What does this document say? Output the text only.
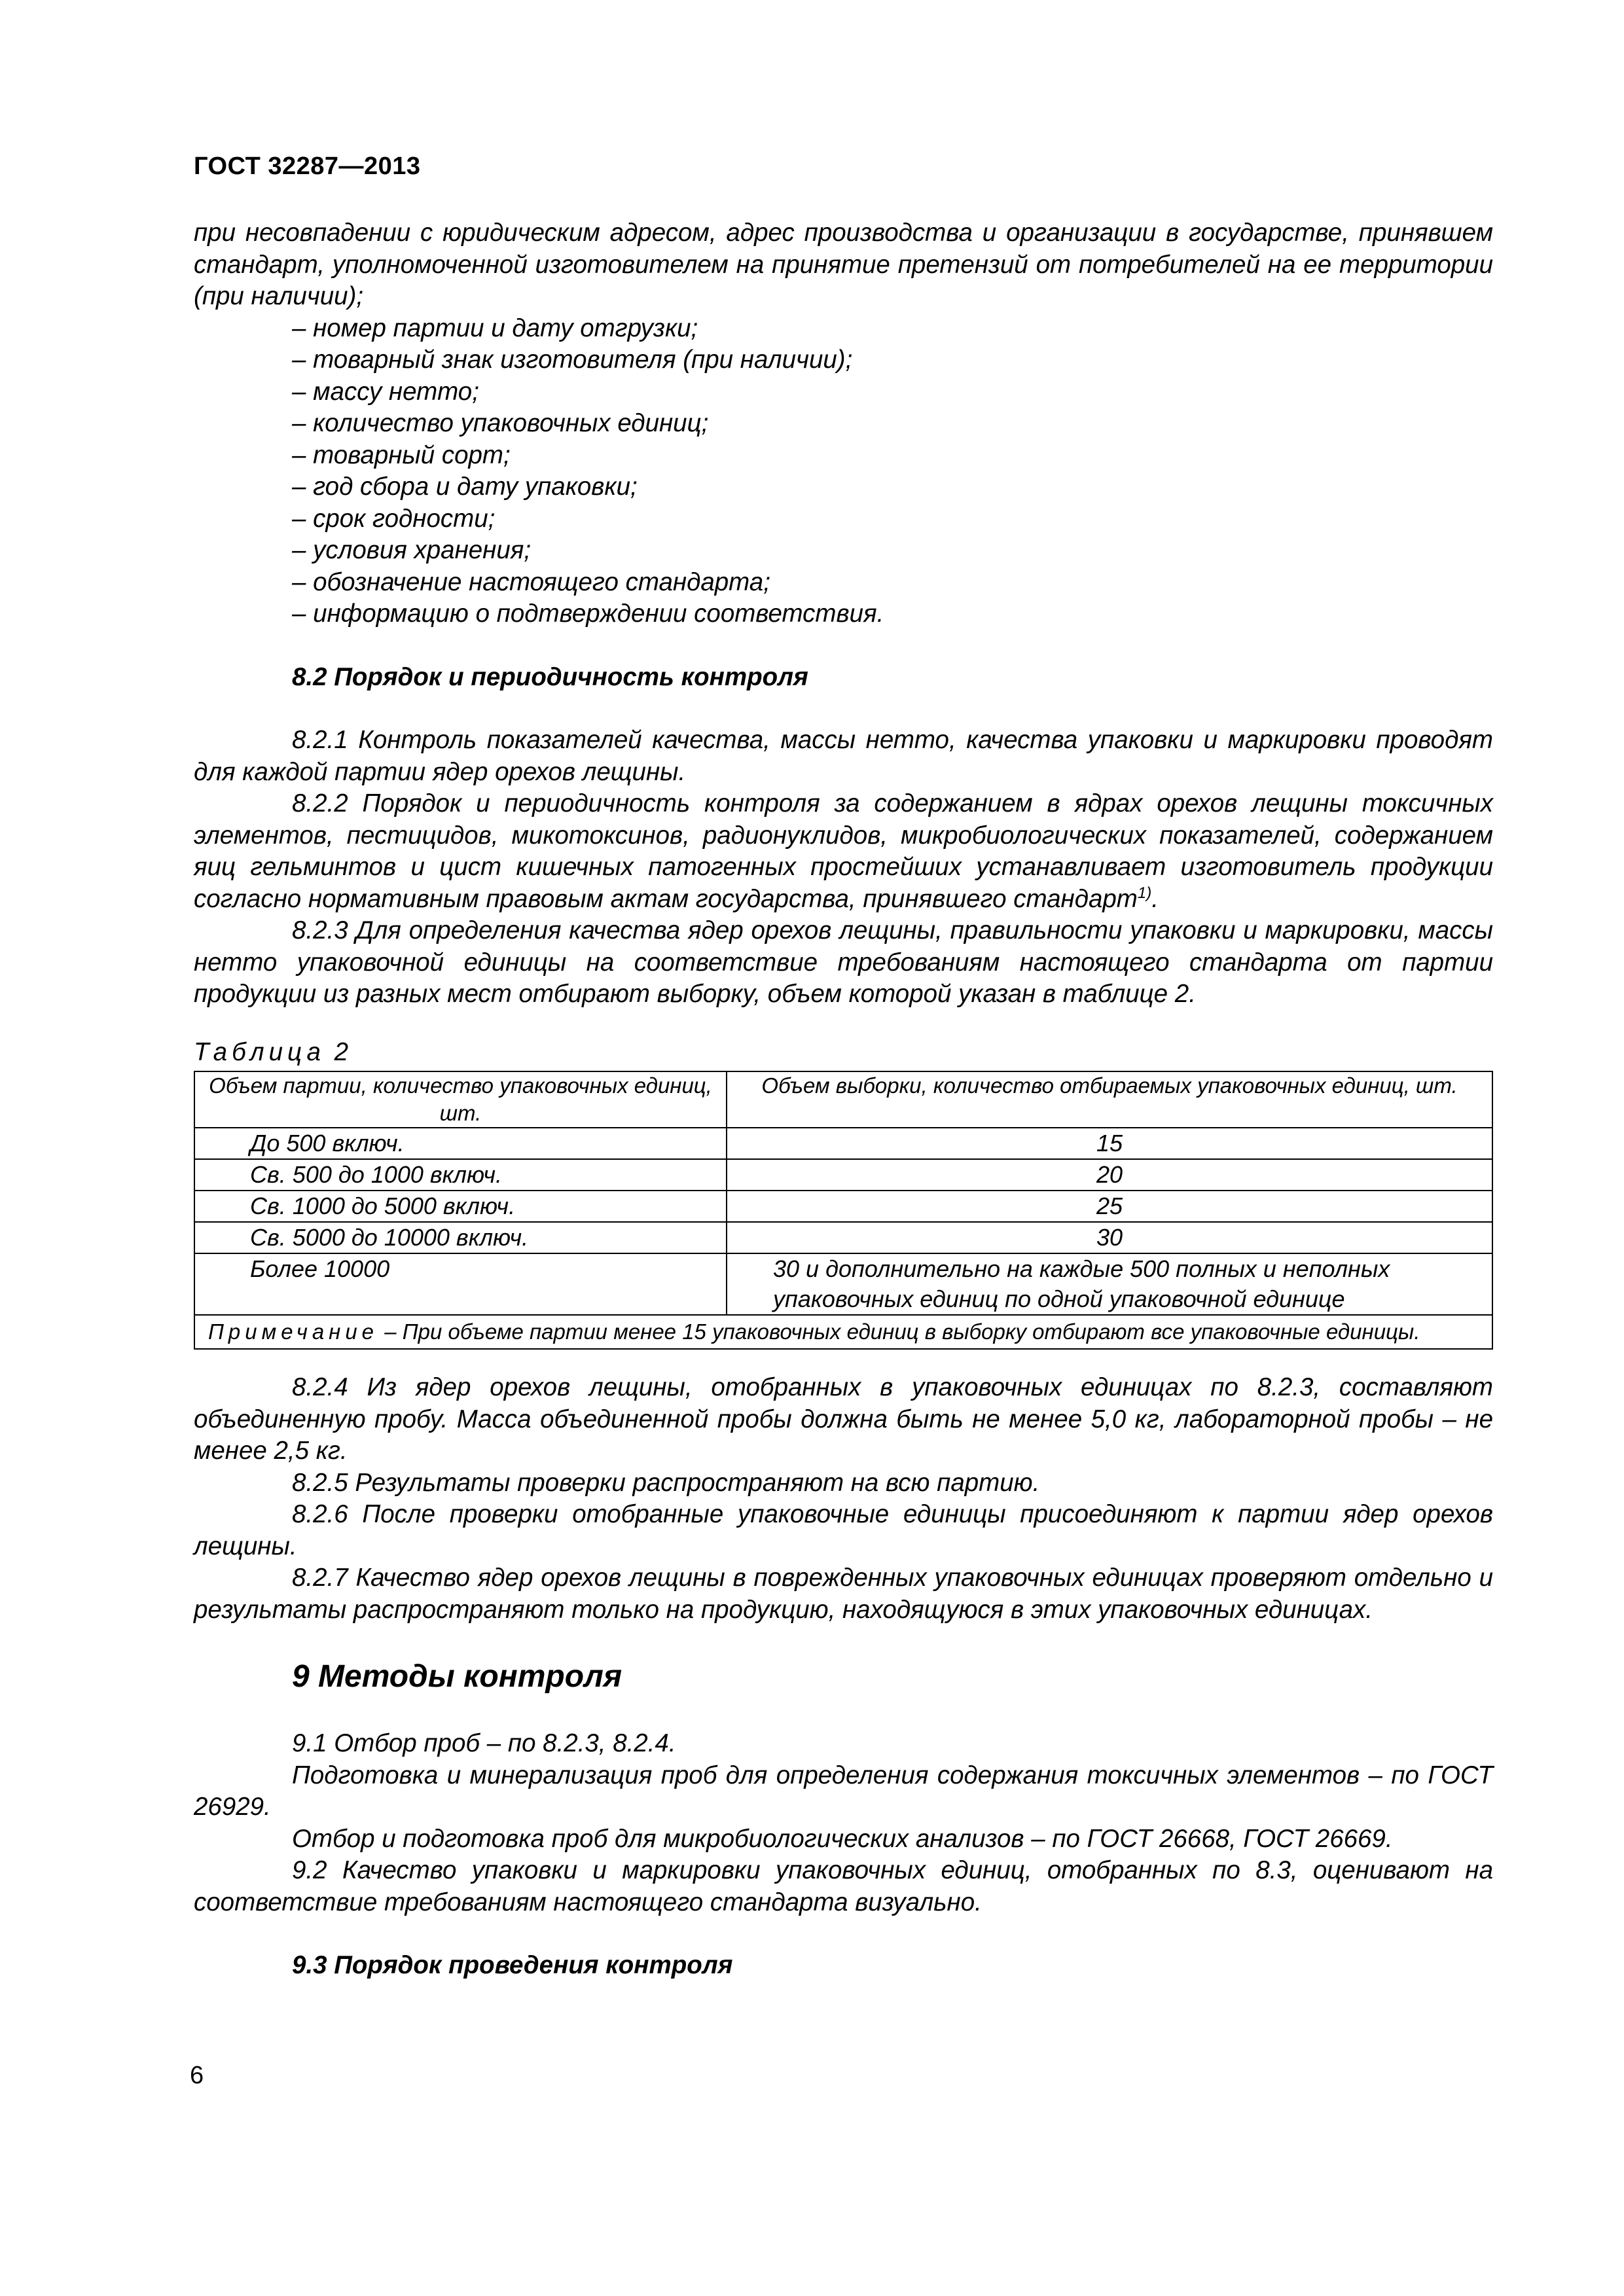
ГОСТ 32287—2013

при несовпадении с юридическим адресом, адрес производства и организации в государстве, принявшем стандарт, уполномоченной изготовителем на принятие претензий от потребителей на ее территории (при наличии);

– номер партии и дату отгрузки;
– товарный знак изготовителя (при наличии);
– массу нетто;
– количество упаковочных единиц;
– товарный сорт;
– год сбора и дату упаковки;
– срок годности;
– условия хранения;
– обозначение настоящего стандарта;
– информацию о подтверждении соответствия.

8.2 Порядок и периодичность контроля

8.2.1 Контроль показателей качества, массы нетто, качества упаковки и маркировки проводят для каждой партии ядер орехов лещины.

8.2.2 Порядок и периодичность контроля за содержанием в ядрах орехов лещины токсичных элементов, пестицидов, микотоксинов, радионуклидов, микробиологических показателей, содержанием яиц гельминтов и цист кишечных патогенных простейших устанавливает изготовитель продукции согласно нормативным правовым актам государства, принявшего стандарт$^{1)}$.

8.2.3 Для определения качества ядер орехов лещины, правильности упаковки и маркировки, массы нетто упаковочной единицы на соответствие требованиям настоящего стандарта от партии продукции из разных мест отбирают выборку, объем которой указан в таблице 2.

Таблица 2

Объем партии, количество упаковочных единиц, шт.	Объем выборки, количество отбираемых упаковочных единиц, шт.
До 500 включ.	15
Св. 500 до 1000 включ.	20
Св. 1000 до 5000 включ.	25
Св. 5000 до 10000 включ.	30
Более 10000	30 и дополнительно на каждые 500 полных и неполных упаковочных единиц по одной упаковочной единице
Примечание – При объеме партии менее 15 упаковочных единиц в выборку отбирают все упаковочные единицы.	

8.2.4 Из ядер орехов лещины, отобранных в упаковочных единицах по 8.2.3, составляют объединенную пробу. Масса объединенной пробы должна быть не менее 5,0 кг, лабораторной пробы – не менее 2,5 кг.

8.2.5 Результаты проверки распространяют на всю партию.

8.2.6 После проверки отобранные упаковочные единицы присоединяют к партии ядер орехов лещины.

8.2.7 Качество ядер орехов лещины в поврежденных упаковочных единицах проверяют отдельно и результаты распространяют только на продукцию, находящуюся в этих упаковочных единицах.

9 Методы контроля

9.1 Отбор проб – по 8.2.3, 8.2.4.

Подготовка и минерализация проб для определения содержания токсичных элементов – по ГОСТ 26929.

Отбор и подготовка проб для микробиологических анализов – по ГОСТ 26668, ГОСТ 26669.

9.2 Качество упаковки и маркировки упаковочных единиц, отобранных по 8.3, оценивают на соответствие требованиям настоящего стандарта визуально.

9.3 Порядок проведения контроля

6
